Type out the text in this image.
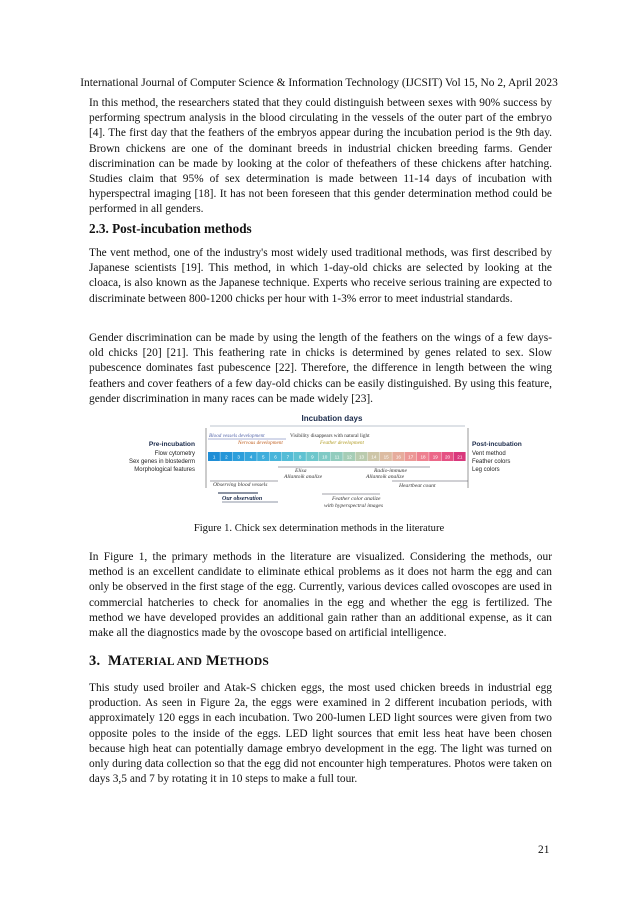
International Journal of Computer Science & Information Technology (IJCSIT) Vol 15, No 2, April 2023

In this method, the researchers stated that they could distinguish between sexes with 90% success by performing spectrum analysis in the blood circulating in the vessels of the outer part of the embryo [4]. The first day that the feathers of the embryos appear during the incubation period is the 9th day. Brown chickens are one of the dominant breeds in industrial chicken breeding farms. Gender discrimination can be made by looking at the color of thefeathers of these chickens after hatching. Studies claim that 95% of sex determination is made between 11-14 days of incubation with hyperspectral imaging [18]. It has not been foreseen that this gender determination method could be performed in all genders.

2.3. Post-incubation methods

The vent method, one of the industry's most widely used traditional methods, was first described by Japanese scientists [19]. This method, in which 1-day-old chicks are selected by looking at the cloaca, is also known as the Japanese technique. Experts who receive serious training are expected to discriminate between 800-1200 chicks per hour with 1-3% error to meet industrial standards.

Gender discrimination can be made by using the length of the feathers on the wings of a few days-old chicks [20] [21]. This feathering rate in chicks is determined by genes related to sex. Slow pubescence dominates fast pubescence [22]. Therefore, the difference in length between the wing feathers and cover feathers of a few day-old chicks can be easily distinguished. By using this feature, gender discrimination in many races can be made widely [23].

Incubation days
Pre-incubation
Flow cytometry
Sex genes in blostederm
Morphological features
Post-incubation
Vent method
Feather colors
Leg colors
Blood vessels development	Visibility disappears with natural light
Nervous development	Feather development
1 2 3 4 5 6 7 8 9 10 11 12 13 14 15 16 17 18 19 20 21
Elisa
Allantoik analize
Radio-immune
Allantoik analize
Observing blood vessels	Heartbeat count
Our observation	Feather color analize
with hyperspectral images
Figure 1. Chick sex determination methods in the literature

In Figure 1, the primary methods in the literature are visualized. Considering the methods, our method is an excellent candidate to eliminate ethical problems as it does not harm the egg and can only be observed in the first stage of the egg. Currently, various devices called ovoscopes are used in commercial hatcheries to check for anomalies in the egg and whether the egg is fertilized. The method we have developed provides an additional gain rather than an additional expense, as it can make all the diagnostics made by the ovoscope based on artificial intelligence.

3. MATERIAL AND METHODS

This study used broiler and Atak-S chicken eggs, the most used chicken breeds in industrial egg production. As seen in Figure 2a, the eggs were examined in 2 different incubation periods, with approximately 120 eggs in each incubation. Two 200-lumen LED light sources were given from two opposite poles to the inside of the eggs. LED light sources that emit less heat have been chosen because high heat can potentially damage embryo development in the egg. The light was turned on only during data collection so that the egg did not encounter high temperatures. Photos were taken on days 3,5 and 7 by rotating it in 10 steps to make a full tour.

21
